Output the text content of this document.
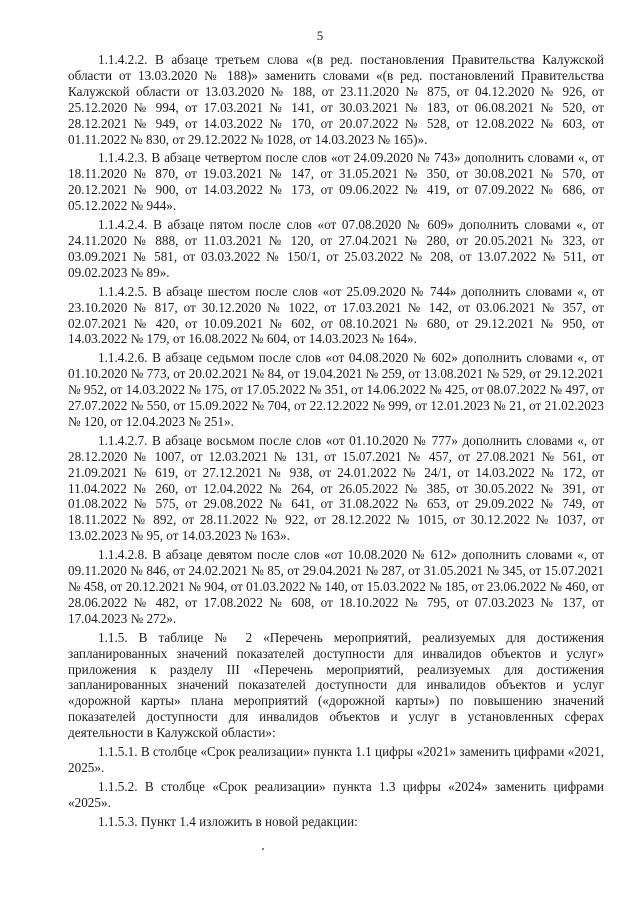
5

1.1.4.2.2. В абзаце третьем слова «(в ред. постановления Правительства Калужской области от 13.03.2020 № 188)» заменить словами «(в ред. постановлений Правительства Калужской области от 13.03.2020 № 188, от 23.11.2020 № 875, от 04.12.2020 № 926, от 25.12.2020 № 994, от 17.03.2021 № 141, от 30.03.2021 № 183, от 06.08.2021 № 520, от 28.12.2021 № 949, от 14.03.2022 № 170, от 20.07.2022 № 528, от 12.08.2022 № 603, от 01.11.2022 № 830, от 29.12.2022 № 1028, от 14.03.2023 № 165)».

1.1.4.2.3. В абзаце четвертом после слов «от 24.09.2020 № 743» дополнить словами «, от 18.11.2020 № 870, от 19.03.2021 № 147, от 31.05.2021 № 350, от 30.08.2021 № 570, от 20.12.2021 № 900, от 14.03.2022 № 173, от 09.06.2022 № 419, от 07.09.2022 № 686, от 05.12.2022 № 944».

1.1.4.2.4. В абзаце пятом после слов «от 07.08.2020 № 609» дополнить словами «, от 24.11.2020 № 888, от 11.03.2021 № 120, от 27.04.2021 № 280, от 20.05.2021 № 323, от 03.09.2021 № 581, от 03.03.2022 № 150/1, от 25.03.2022 № 208, от 13.07.2022 № 511, от 09.02.2023 № 89».

1.1.4.2.5. В абзаце шестом после слов «от 25.09.2020 № 744» дополнить словами «, от 23.10.2020 № 817, от 30.12.2020 № 1022, от 17.03.2021 № 142, от 03.06.2021 № 357, от 02.07.2021 № 420, от 10.09.2021 № 602, от 08.10.2021 № 680, от 29.12.2021 № 950, от 14.03.2022 № 179, от 16.08.2022 № 604, от 14.03.2023 № 164».

1.1.4.2.6. В абзаце седьмом после слов «от 04.08.2020 № 602» дополнить словами «, от 01.10.2020 № 773, от 20.02.2021 № 84, от 19.04.2021 № 259, от 13.08.2021 № 529, от 29.12.2021 № 952, от 14.03.2022 № 175, от 17.05.2022 № 351, от 14.06.2022 № 425, от 08.07.2022 № 497, от 27.07.2022 № 550, от 15.09.2022 № 704, от 22.12.2022 № 999, от 12.01.2023 № 21, от 21.02.2023 № 120, от 12.04.2023 № 251».

1.1.4.2.7. В абзаце восьмом после слов «от 01.10.2020 № 777» дополнить словами «, от 28.12.2020 № 1007, от 12.03.2021 № 131, от 15.07.2021 № 457, от 27.08.2021 № 561, от 21.09.2021 № 619, от 27.12.2021 № 938, от 24.01.2022 № 24/1, от 14.03.2022 № 172, от 11.04.2022 № 260, от 12.04.2022 № 264, от 26.05.2022 № 385, от 30.05.2022 № 391, от 01.08.2022 № 575, от 29.08.2022 № 641, от 31.08.2022 № 653, от 29.09.2022 № 749, от 18.11.2022 № 892, от 28.11.2022 № 922, от 28.12.2022 № 1015, от 30.12.2022 № 1037, от 13.02.2023 № 95, от 14.03.2023 № 163».

1.1.4.2.8. В абзаце девятом после слов «от 10.08.2020 № 612» дополнить словами «, от 09.11.2020 № 846, от 24.02.2021 № 85, от 29.04.2021 № 287, от 31.05.2021 № 345, от 15.07.2021 № 458, от 20.12.2021 № 904, от 01.03.2022 № 140, от 15.03.2022 № 185, от 23.06.2022 № 460, от 28.06.2022 № 482, от 17.08.2022 № 608, от 18.10.2022 № 795, от 07.03.2023 № 137, от 17.04.2023 № 272».

1.1.5. В таблице № 2 «Перечень мероприятий, реализуемых для достижения запланированных значений показателей доступности для инвалидов объектов и услуг» приложения к разделу III «Перечень мероприятий, реализуемых для достижения запланированных значений показателей доступности для инвалидов объектов и услуг «дорожной карты» плана мероприятий («дорожной карты») по повышению значений показателей доступности для инвалидов объектов и услуг в установленных сферах деятельности в Калужской области»:

1.1.5.1. В столбце «Срок реализации» пункта 1.1 цифры «2021» заменить цифрами «2021, 2025».

1.1.5.2. В столбце «Срок реализации» пункта 1.3 цифры «2024» заменить цифрами «2025».

1.1.5.3. Пункт 1.4 изложить в новой редакции:
